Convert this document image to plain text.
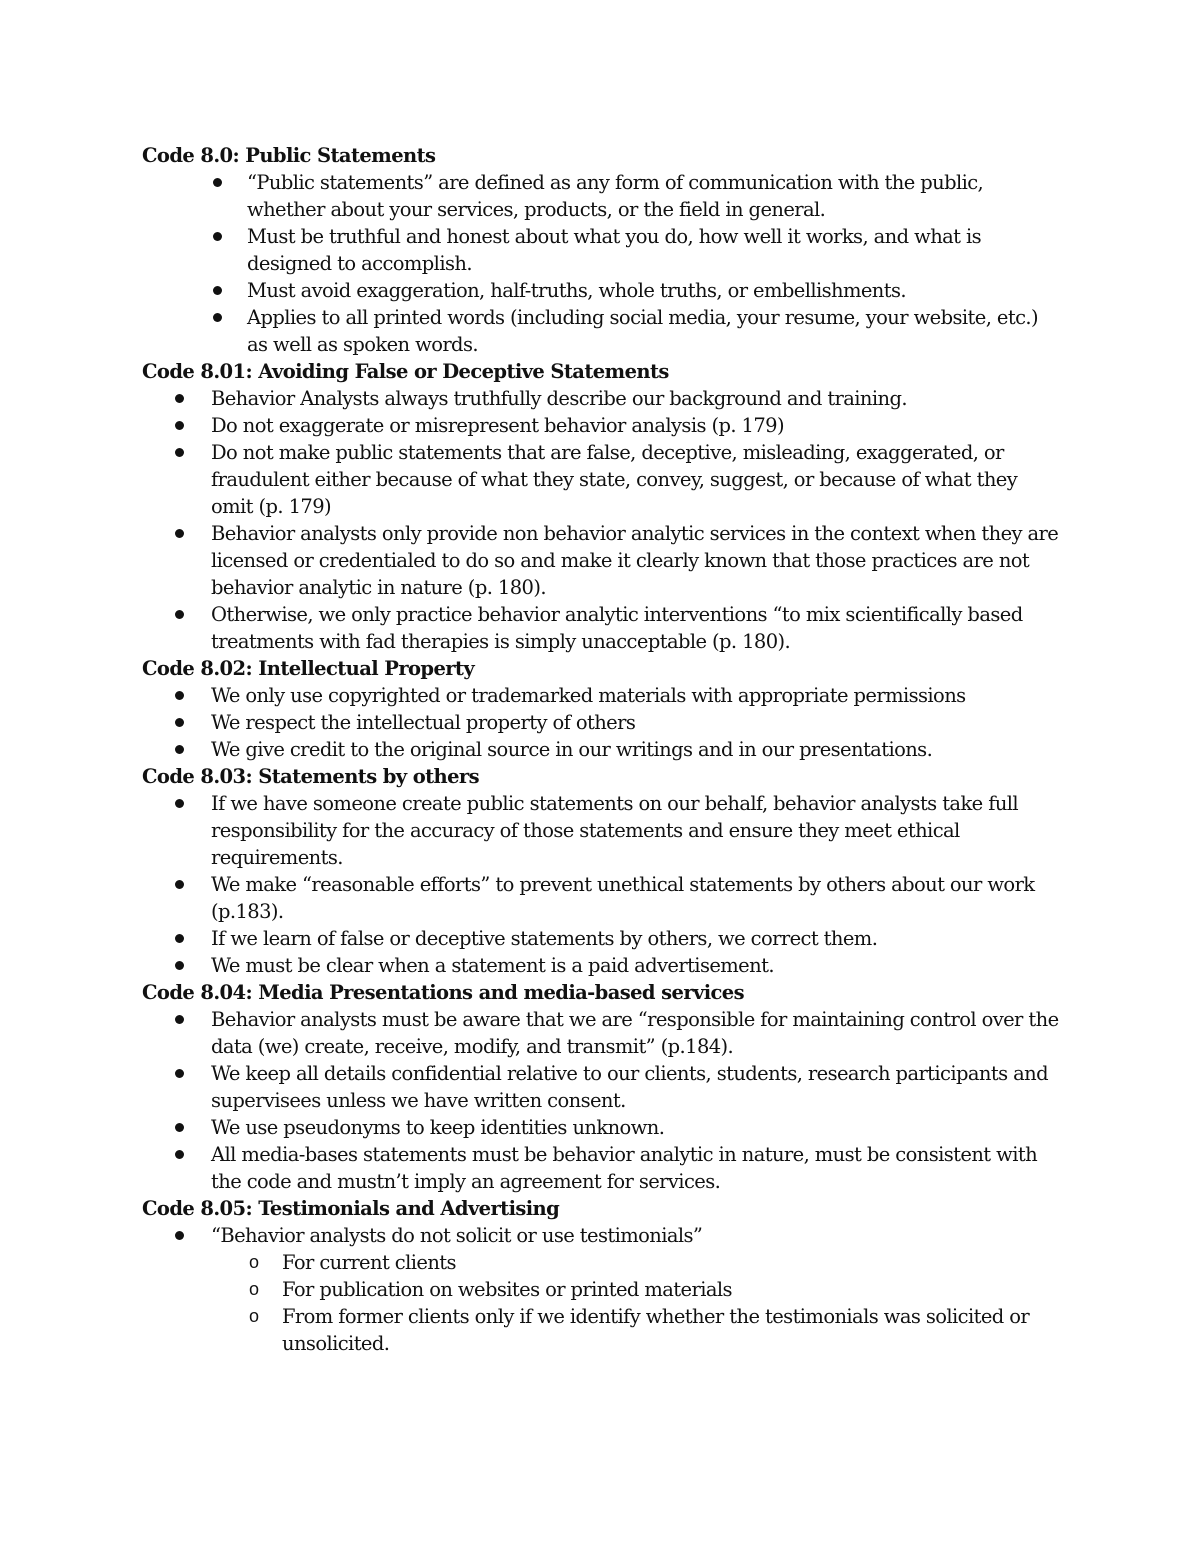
Code 8.0: Public Statements

“Public statements” are defined as any form of communication with the public, whether about your services, products, or the field in general.
Must be truthful and honest about what you do, how well it works, and what is designed to accomplish.
Must avoid exaggeration, half-truths, whole truths, or embellishments.
Applies to all printed words (including social media, your resume, your website, etc.) as well as spoken words.

Code 8.01: Avoiding False or Deceptive Statements

Behavior Analysts always truthfully describe our background and training.
Do not exaggerate or misrepresent behavior analysis (p. 179)
Do not make public statements that are false, deceptive, misleading, exaggerated, or fraudulent either because of what they state, convey, suggest, or because of what they omit (p. 179)
Behavior analysts only provide non behavior analytic services in the context when they are licensed or credentialed to do so and make it clearly known that those practices are not behavior analytic in nature (p. 180).
Otherwise, we only practice behavior analytic interventions “to mix scientifically based treatments with fad therapies is simply unacceptable (p. 180).

Code 8.02: Intellectual Property

We only use copyrighted or trademarked materials with appropriate permissions
We respect the intellectual property of others
We give credit to the original source in our writings and in our presentations.

Code 8.03: Statements by others

If we have someone create public statements on our behalf, behavior analysts take full responsibility for the accuracy of those statements and ensure they meet ethical requirements.
We make “reasonable efforts” to prevent unethical statements by others about our work (p.183).
If we learn of false or deceptive statements by others, we correct them.
We must be clear when a statement is a paid advertisement.

Code 8.04: Media Presentations and media-based services

Behavior analysts must be aware that we are “responsible for maintaining control over the data (we) create, receive, modify, and transmit” (p.184).
We keep all details confidential relative to our clients, students, research participants and supervisees unless we have written consent.
We use pseudonyms to keep identities unknown.
All media-bases statements must be behavior analytic in nature, must be consistent with the code and mustn’t imply an agreement for services.

Code 8.05: Testimonials and Advertising

“Behavior analysts do not solicit or use testimonials”
o For current clients
o For publication on websites or printed materials
o From former clients only if we identify whether the testimonials was solicited or unsolicited.
